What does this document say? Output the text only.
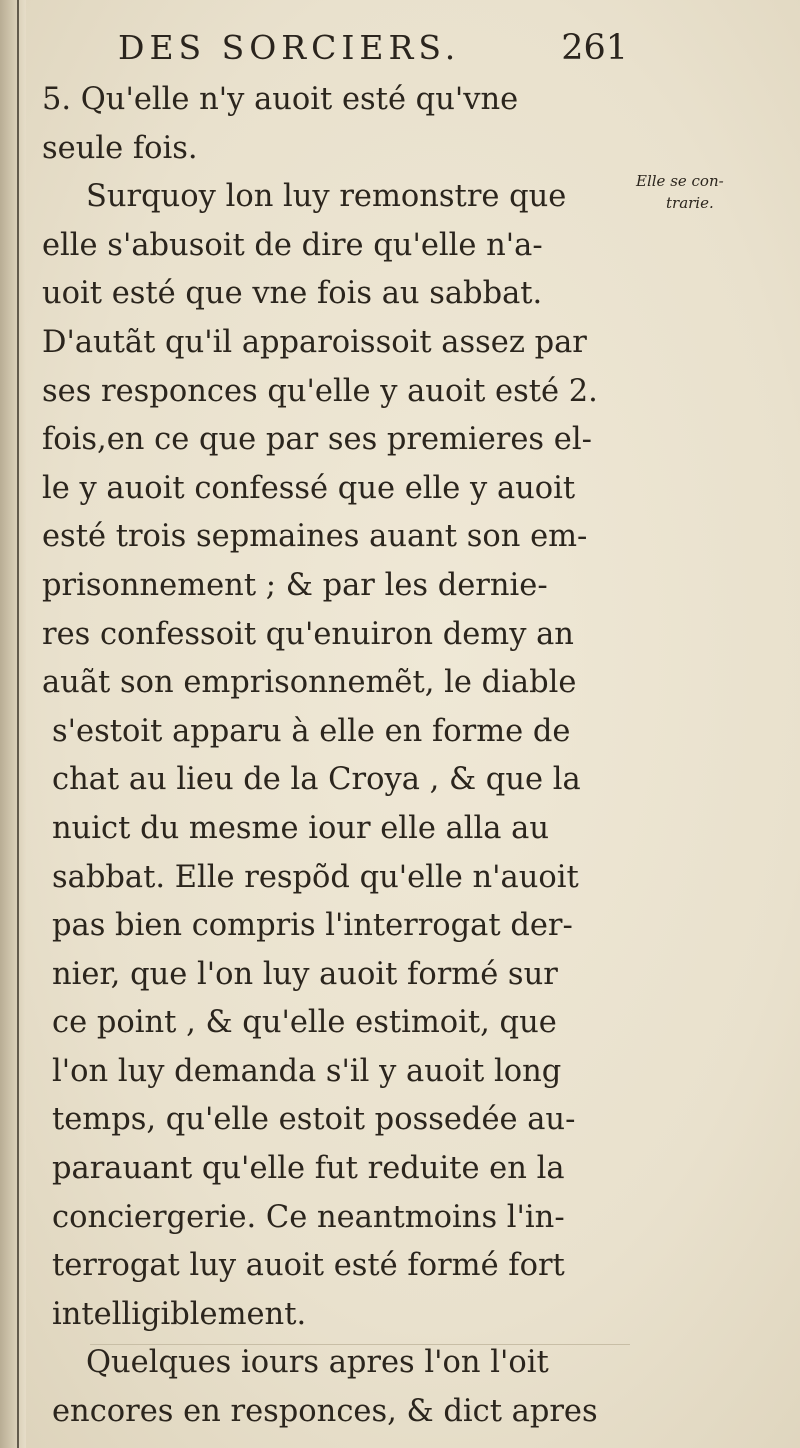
DES SORCIERS.	261
Elle se con-
trarie.
5. Qu'elle n'y auoit esté qu'vne
seule fois.
Surquoy lon luy remonstre que
elle s'abusoit de dire qu'elle n'a-
uoit esté que vne fois au sabbat.
D'autãt qu'il apparoissoit assez par
ses responces qu'elle y auoit esté 2.
fois,en ce que par ses premieres el-
le y auoit confessé que elle y auoit
esté trois sepmaines auant son em-
prisonnement ; & par les dernie-
res confessoit qu'enuiron demy an
auãt son emprisonnemẽt, le diable
s'estoit apparu à elle en forme de
chat au lieu de la Croya , & que la
nuict du mesme iour elle alla au
sabbat. Elle respõd qu'elle n'auoit
pas bien compris l'interrogat der-
nier, que l'on luy auoit formé sur
ce point , & qu'elle estimoit, que
l'on luy demanda s'il y auoit long
temps, qu'elle estoit possedée au-
parauant qu'elle fut reduite en la
conciergerie. Ce neantmoins l'in-
terrogat luy auoit esté formé fort
intelligiblement.
Quelques iours apres l'on l'oit
encores en responces, & dict apres
